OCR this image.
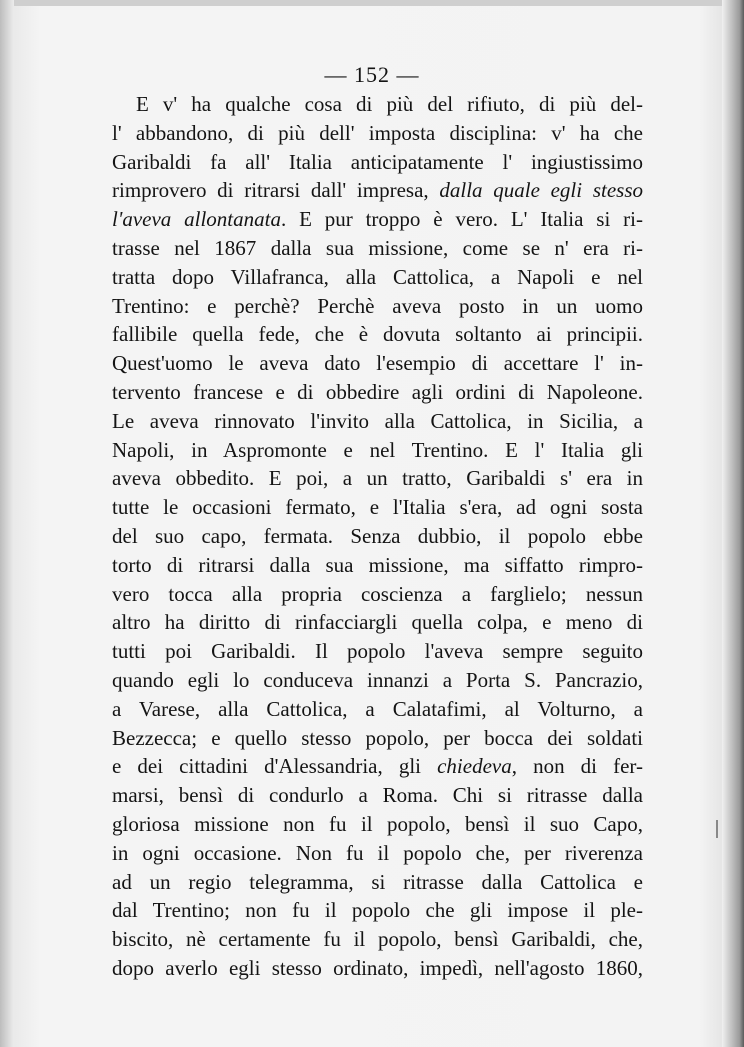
— 152 —
E v' ha qualche cosa di più del rifiuto, di più del-
l' abbandono, di più dell' imposta disciplina: v' ha che
Garibaldi fa all' Italia anticipatamente l' ingiustissimo
rimprovero di ritrarsi dall' impresa, dalla quale egli stesso
l'aveva allontanata. E pur troppo è vero. L' Italia si ri-
trasse nel 1867 dalla sua missione, come se n' era ri-
tratta dopo Villafranca, alla Cattolica, a Napoli e nel
Trentino: e perchè? Perchè aveva posto in un uomo
fallibile quella fede, che è dovuta soltanto ai principii.
Quest'uomo le aveva dato l'esempio di accettare l' in-
tervento francese e di obbedire agli ordini di Napoleone.
Le aveva rinnovato l'invito alla Cattolica, in Sicilia, a
Napoli, in Aspromonte e nel Trentino. E l' Italia gli
aveva obbedito. E poi, a un tratto, Garibaldi s' era in
tutte le occasioni fermato, e l'Italia s'era, ad ogni sosta
del suo capo, fermata. Senza dubbio, il popolo ebbe
torto di ritrarsi dalla sua missione, ma siffatto rimpro-
vero tocca alla propria coscienza a farglielo; nessun
altro ha diritto di rinfacciargli quella colpa, e meno di
tutti poi Garibaldi. Il popolo l'aveva sempre seguito
quando egli lo conduceva innanzi a Porta S. Pancrazio,
a Varese, alla Cattolica, a Calatafimi, al Volturno, a
Bezzecca; e quello stesso popolo, per bocca dei soldati
e dei cittadini d'Alessandria, gli chiedeva, non di fer-
marsi, bensì di condurlo a Roma. Chi si ritrasse dalla
gloriosa missione non fu il popolo, bensì il suo Capo,
in ogni occasione. Non fu il popolo che, per riverenza
ad un regio telegramma, si ritrasse dalla Cattolica e
dal Trentino; non fu il popolo che gli impose il ple-
biscito, nè certamente fu il popolo, bensì Garibaldi, che,
dopo averlo egli stesso ordinato, impedì, nell'agosto 1860,
